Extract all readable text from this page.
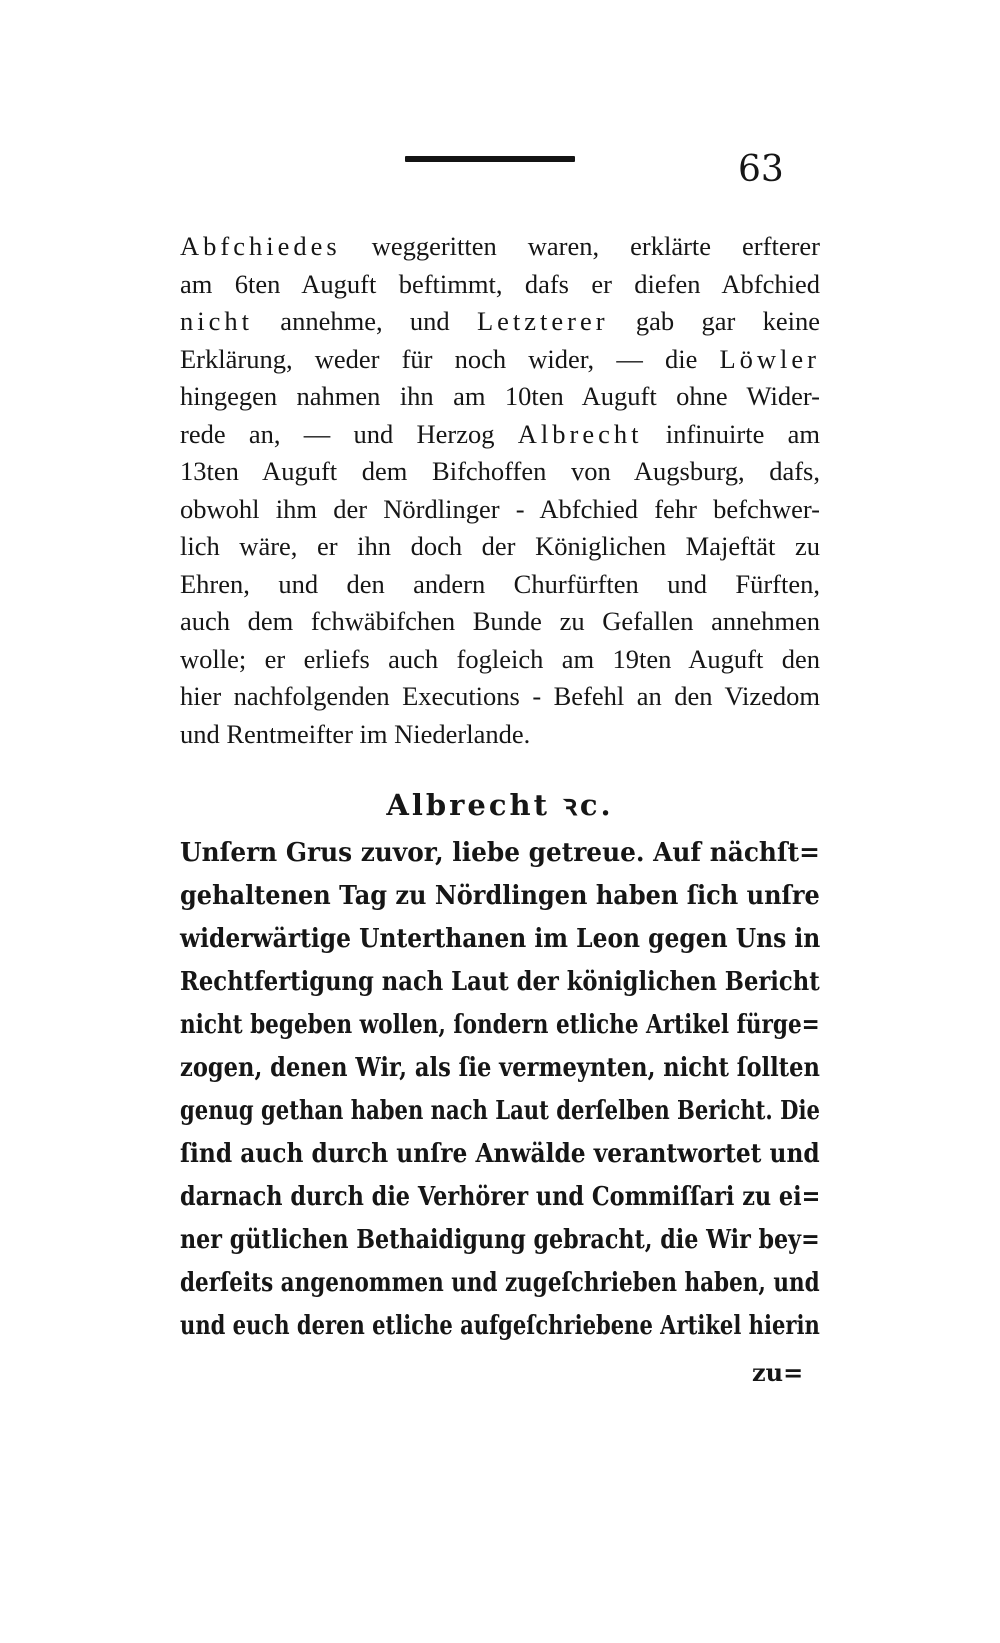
63
Abfchiedes weggeritten waren, erklärte erfterer
am 6ten Auguft beftimmt, dafs er diefen Abfchied
nicht annehme, und Letzterer gab gar keine
Erklärung, weder für noch wider, — die Löwler
hingegen nahmen ihn am 10ten Auguft ohne Wider-
rede an, — und Herzog Albrecht infinuirte am
13ten Auguft dem Bifchoffen von Augsburg, dafs,
obwohl ihm der Nördlinger - Abfchied fehr befchwer-
lich wäre, er ihn doch der Königlichen Majeftät zu
Ehren, und den andern Churfürften und Fürften,
auch dem fchwäbifchen Bunde zu Gefallen annehmen
wolle; er erliefs auch fogleich am 19ten Auguft den
hier nachfolgenden Executions - Befehl an den Vizedom
und Rentmeifter im Niederlande.
Albrecht ꝛc.
Unſern Grus zuvor, liebe getreue. Auf nächſt=
gehaltenen Tag zu Nördlingen haben ſich unſre
widerwärtige Unterthanen im Leon gegen Uns in
Rechtfertigung nach Laut der königlichen Bericht
nicht begeben wollen, ſondern etliche Artikel fürge=
zogen, denen Wir, als ſie vermeynten, nicht ſollten
genug gethan haben nach Laut derſelben Bericht. Die
ſind auch durch unſre Anwälde verantwortet und
darnach durch die Verhörer und Commiſſari zu ei=
ner gütlichen Bethaidigung gebracht, die Wir bey=
derſeits angenommen und zugeſchrieben haben, und
und euch deren etliche aufgeſchriebene Artikel hierin
zu=
